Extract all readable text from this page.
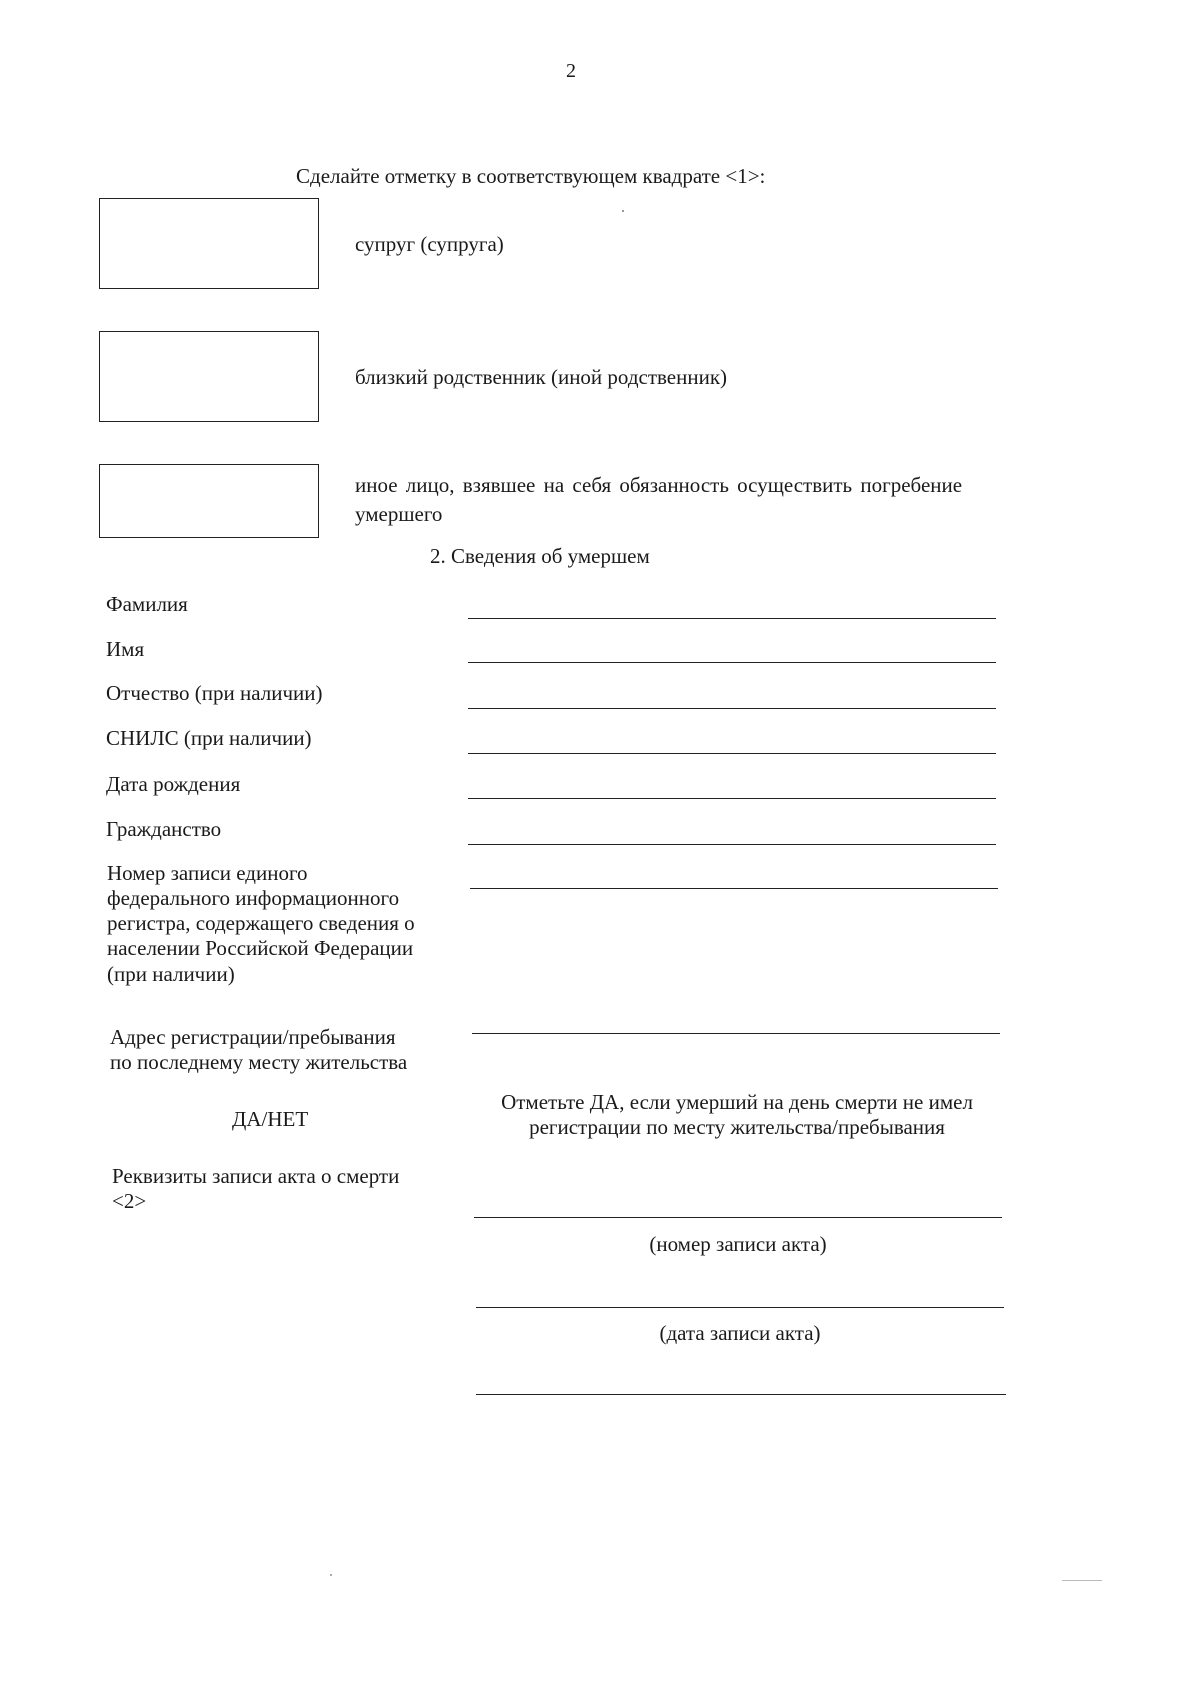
2
Сделайте отметку в соответствующем квадрате <1>:
супруг (супруга)
близкий родственник (иной родственник)
иное лицо, взявшее на себя обязанность осуществить погребение
умершего
2. Сведения об умершем
Фамилия
Имя
Отчество (при наличии)
СНИЛС (при наличии)
Дата рождения
Гражданство
Номер записи единого
федерального информационного
регистра, содержащего сведения о
населении Российской Федерации
(при наличии)
Адрес регистрации/пребывания
по последнему месту жительства
ДА/НЕТ
Отметьте ДА, если умерший на день смерти не имел
регистрации по месту жительства/пребывания
Реквизиты записи акта о смерти
<2>
(номер записи акта)
(дата записи акта)
